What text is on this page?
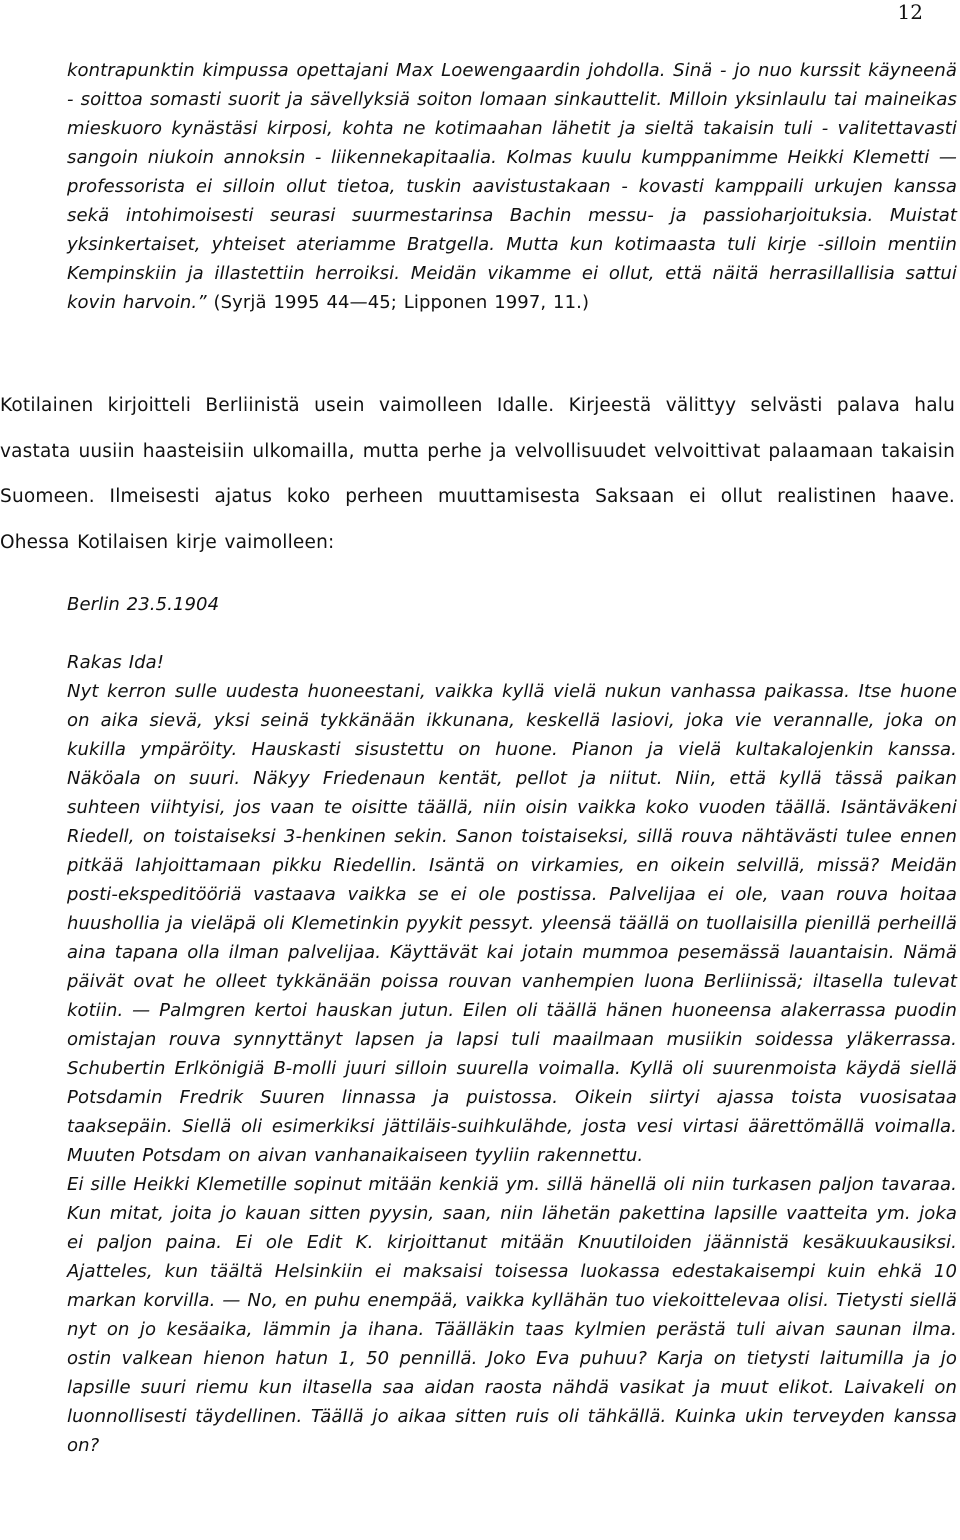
12

kontrapunktin kimpussa opettajani Max Loewengaardin johdolla. Sinä - jo nuo kurssit käyneenä - soittoa somasti suorit ja sävellyksiä soiton lomaan sinkauttelit. Milloin yksinlaulu tai maineikas mieskuoro kynästäsi kirposi, kohta ne kotimaahan lähetit ja sieltä takaisin tuli - valitettavasti sangoin niukoin annoksin - liikennekapitaalia. Kolmas kuulu kumppanimme Heikki Klemetti — professorista ei silloin ollut tietoa, tuskin aavistustakaan - kovasti kamppaili urkujen kanssa sekä intohimoisesti seurasi suurmestarinsa Bachin messu- ja passioharjoituksia. Muistat yksinkertaiset, yhteiset ateriamme Bratgella. Mutta kun kotimaasta tuli kirje -silloin mentiin Kempinskiin ja illastettiin herroiksi. Meidän vikamme ei ollut, että näitä herrasillallisia sattui kovin harvoin.” (Syrjä 1995 44—45; Lipponen 1997, 11.)

Kotilainen kirjoitteli Berliinistä usein vaimolleen Idalle. Kirjeestä välittyy selvästi palava halu vastata uusiin haasteisiin ulkomailla, mutta perhe ja velvollisuudet velvoittivat palaamaan takaisin Suomeen. Ilmeisesti ajatus koko perheen muuttamisesta Saksaan ei ollut realistinen haave. Ohessa Kotilaisen kirje vaimolleen:

Berlin 23.5.1904
Rakas Ida!
Nyt kerron sulle uudesta huoneestani, vaikka kyllä vielä nukun vanhassa paikassa. Itse huone on aika sievä, yksi seinä tykkänään ikkunana, keskellä lasiovi, joka vie verannalle, joka on kukilla ympäröity. Hauskasti sisustettu on huone. Pianon ja vielä kultakalojenkin kanssa. Näköala on suuri. Näkyy Friedenaun kentät, pellot ja niitut. Niin, että kyllä tässä paikan suhteen viihtyisi, jos vaan te oisitte täällä, niin oisin vaikka koko vuoden täällä. Isäntäväkeni Riedell, on toistaiseksi 3-henkinen sekin. Sanon toistaiseksi, sillä rouva nähtävästi tulee ennen pitkää lahjoittamaan pikku Riedellin. Isäntä on virkamies, en oikein selvillä, missä? Meidän posti-ekspeditööriä vastaava vaikka se ei ole postissa. Palvelijaa ei ole, vaan rouva hoitaa huushollia ja vieläpä oli Klemetinkin pyykit pessyt. yleensä täällä on tuollaisilla pienillä perheillä aina tapana olla ilman palvelijaa. Käyttävät kai jotain mummoa pesemässä lauantaisin. Nämä päivät ovat he olleet tykkänään poissa rouvan vanhempien luona Berliinissä; iltasella tulevat kotiin. — Palmgren kertoi hauskan jutun. Eilen oli täällä hänen huoneensa alakerrassa puodin omistajan rouva synnyttänyt lapsen ja lapsi tuli maailmaan musiikin soidessa yläkerrassa. Schubertin Erlkönigiä B-molli juuri silloin suurella voimalla. Kyllä oli suurenmoista käydä siellä Potsdamin Fredrik Suuren linnassa ja puistossa. Oikein siirtyi ajassa toista vuosisataa taaksepäin. Siellä oli esimerkiksi jättiläis-suihkulähde, josta vesi virtasi äärettömällä voimalla. Muuten Potsdam on aivan vanhanaikaiseen tyyliin rakennettu.
Ei sille Heikki Klemetille sopinut mitään kenkiä ym. sillä hänellä oli niin turkasen paljon tavaraa. Kun mitat, joita jo kauan sitten pyysin, saan, niin lähetän pakettina lapsille vaatteita ym. joka ei paljon paina. Ei ole Edit K. kirjoittanut mitään Knuutiloiden jäännistä kesäkuukausiksi. Ajatteles, kun täältä Helsinkiin ei maksaisi toisessa luokassa edestakaisempi kuin ehkä 10 markan korvilla. — No, en puhu enempää, vaikka kyllähän tuo viekoittelevaa olisi. Tietysti siellä nyt on jo kesäaika, lämmin ja ihana. Täälläkin taas kylmien perästä tuli aivan saunan ilma. ostin valkean hienon hatun 1, 50 pennillä. Joko Eva puhuu? Karja on tietysti laitumilla ja jo lapsille suuri riemu kun iltasella saa aidan raosta nähdä vasikat ja muut elikot. Laivakeli on luonnollisesti täydellinen. Täällä jo aikaa sitten ruis oli tähkällä. Kuinka ukin terveyden kanssa on?
